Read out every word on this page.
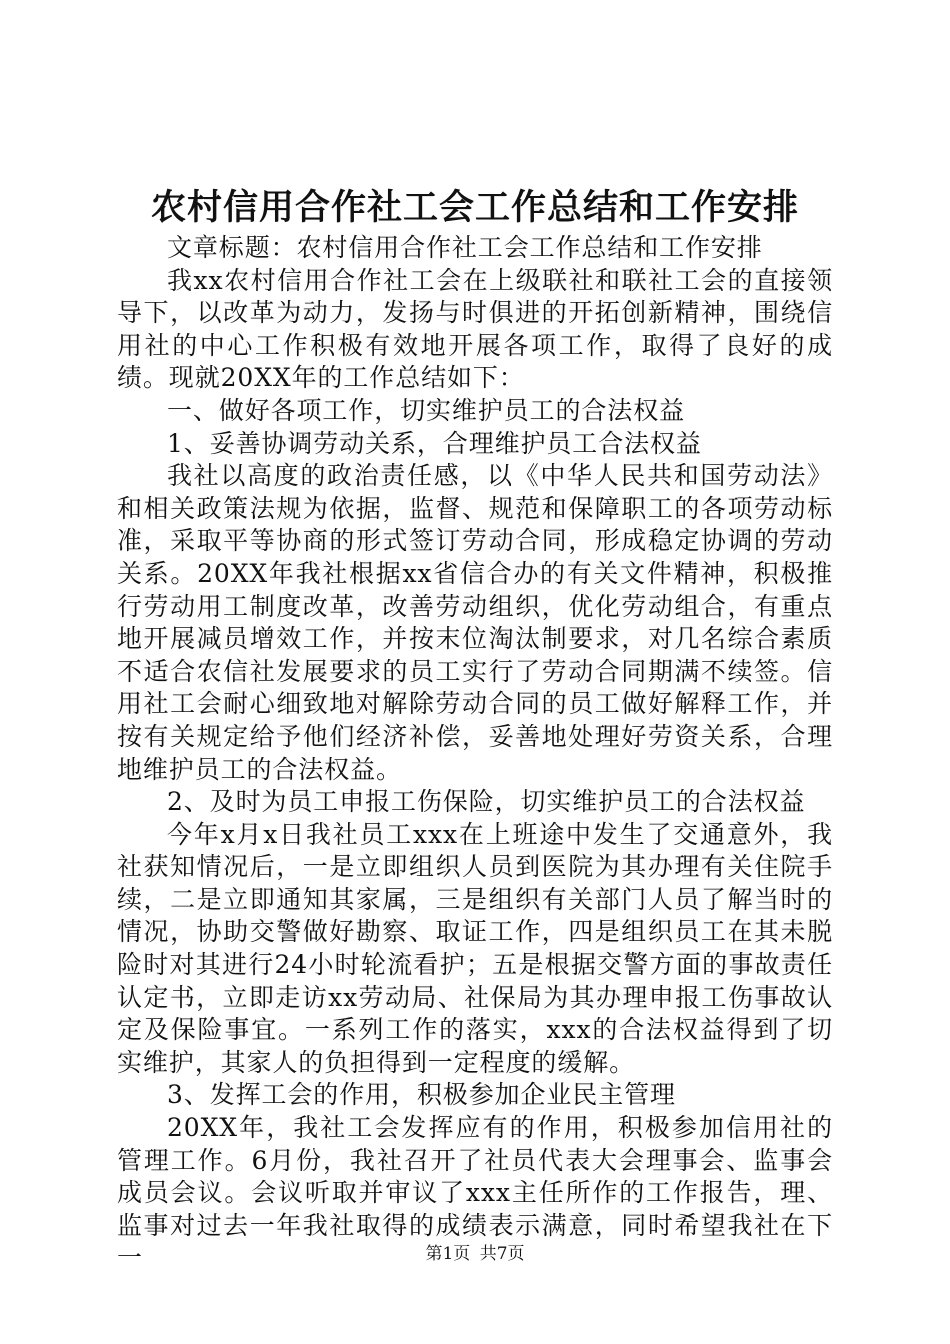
农村信用合作社工会工作总结和工作安排

文章标题：农村信用合作社工会工作总结和工作安排

我xx农村信用合作社工会在上级联社和联社工会的直接领导下，以改革为动力，发扬与时俱进的开拓创新精神，围绕信用社的中心工作积极有效地开展各项工作，取得了良好的成绩。现就20XX年的工作总结如下：

一、做好各项工作，切实维护员工的合法权益

1、妥善协调劳动关系，合理维护员工合法权益

我社以高度的政治责任感，以《中华人民共和国劳动法》和相关政策法规为依据，监督、规范和保障职工的各项劳动标准，采取平等协商的形式签订劳动合同，形成稳定协调的劳动关系。20XX年我社根据xx省信合办的有关文件精神，积极推行劳动用工制度改革，改善劳动组织，优化劳动组合，有重点地开展减员增效工作，并按末位淘汰制要求，对几名综合素质不适合农信社发展要求的员工实行了劳动合同期满不续签。信用社工会耐心细致地对解除劳动合同的员工做好解释工作，并按有关规定给予他们经济补偿，妥善地处理好劳资关系，合理地维护员工的合法权益。

2、及时为员工申报工伤保险，切实维护员工的合法权益

今年x月x日我社员工xxx在上班途中发生了交通意外，我社获知情况后，一是立即组织人员到医院为其办理有关住院手续，二是立即通知其家属，三是组织有关部门人员了解当时的情况，协助交警做好勘察、取证工作，四是组织员工在其未脱险时对其进行24小时轮流看护；五是根据交警方面的事故责任认定书，立即走访xx劳动局、社保局为其办理申报工伤事故认定及保险事宜。一系列工作的落实，xxx的合法权益得到了切实维护，其家人的负担得到一定程度的缓解。

3、发挥工会的作用，积极参加企业民主管理

20XX年，我社工会发挥应有的作用，积极参加信用社的管理工作。6月份，我社召开了社员代表大会理事会、监事会成员会议。会议听取并审议了xxx主任所作的工作报告，理、监事对过去一年我社取得的成绩表示满意，同时希望我社在下一	第1页 共7页
